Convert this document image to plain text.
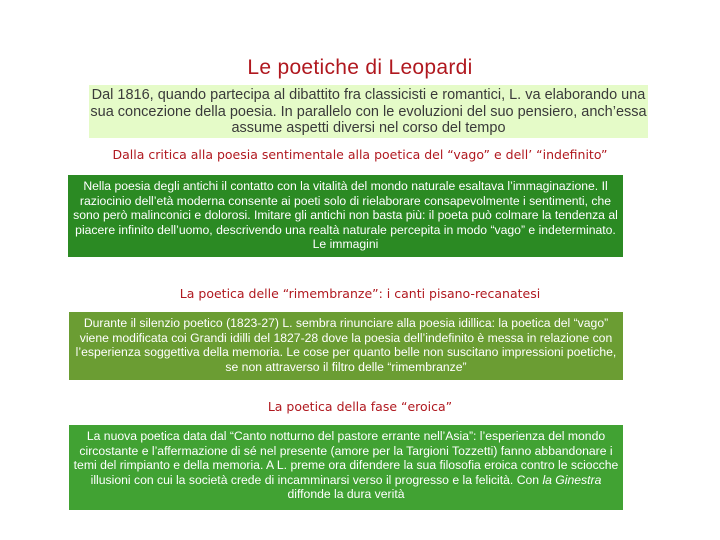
Le poetiche di Leopardi
Dal 1816, quando partecipa al dibattito fra classicisti e romantici, L. va elaborando una sua concezione della poesia. In parallelo con le evoluzioni del suo pensiero, anch’essa assume aspetti diversi nel corso del tempo
Dalla critica alla poesia sentimentale alla poetica del “vago” e dell’ “indefinito”

Nella poesia degli antichi il contatto con la vitalità del mondo naturale esaltava l’immaginazione. Il raziocinio dell’età moderna consente ai poeti solo di rielaborare consapevolmente i sentimenti, che sono però malinconici e dolorosi. Imitare gli antichi non basta più: il poeta può colmare la tendenza al piacere infinito dell’uomo, descrivendo una realtà naturale percepita in modo “vago” e indeterminato. Le immagini

La poetica delle “rimembranze”: i canti pisano-recanatesi

Durante il silenzio poetico (1823-27) L. sembra rinunciare alla poesia idillica: la poetica del “vago” viene modificata coi Grandi idilli del 1827-28 dove la poesia dell’indefinito è messa in relazione con l’esperienza soggettiva della memoria. Le cose per quanto belle non suscitano impressioni poetiche, se non attraverso il filtro delle “rimembranze”

La poetica della fase “eroica”

La nuova poetica data dal “Canto notturno del pastore errante nell’Asia”: l’esperienza del mondo circostante e l’affermazione di sé nel presente (amore per la Targioni Tozzetti) fanno abbandonare i temi del rimpianto e della memoria. A L. preme ora difendere la sua filosofia eroica contro le sciocche illusioni con cui la società crede di incamminarsi verso il progresso e la felicità. Con la Ginestra diffonde la dura verità
